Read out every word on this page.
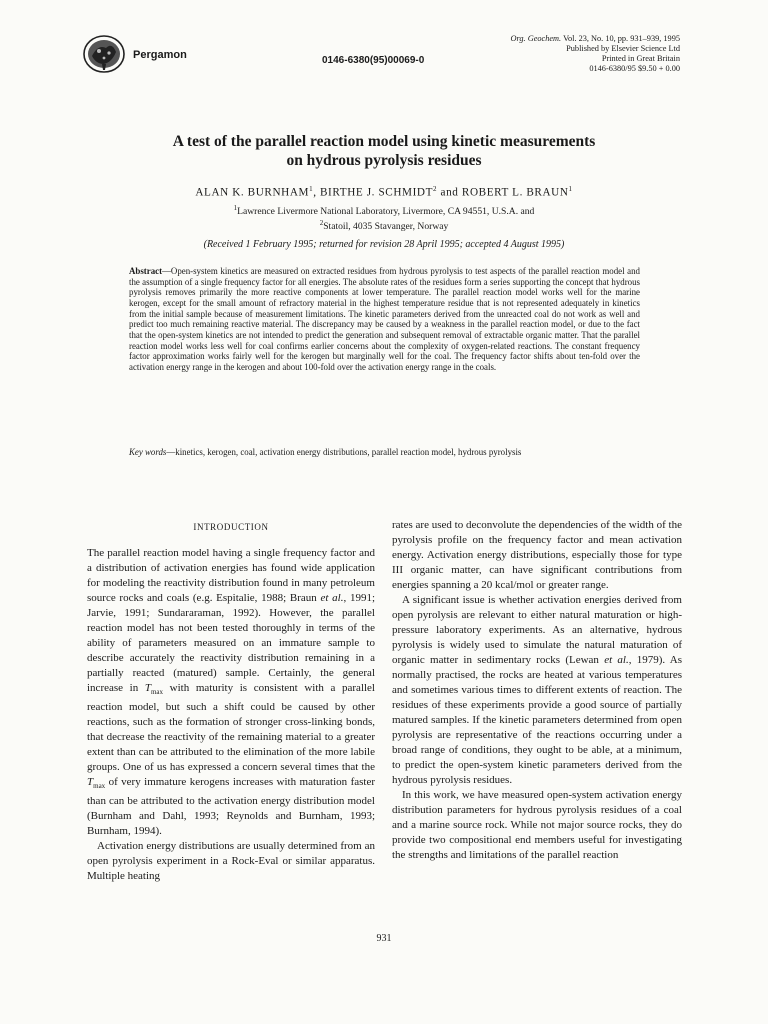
Pergamon	0146-6380(95)00069-0
Org. Geochem. Vol. 23, No. 10, pp. 931–939, 1995
Published by Elsevier Science Ltd
Printed in Great Britain
0146-6380/95 $9.50 + 0.00
A test of the parallel reaction model using kinetic measurements
on hydrous pyrolysis residues
ALAN K. BURNHAM$^1$, BIRTHE J. SCHMIDT$^2$ and ROBERT L. BRAUN$^1$
$^1$Lawrence Livermore National Laboratory, Livermore, CA 94551, U.S.A. and
$^2$Statoil, 4035 Stavanger, Norway
(Received 1 February 1995; returned for revision 28 April 1995; accepted 4 August 1995)
Abstract—Open-system kinetics are measured on extracted residues from hydrous pyrolysis to test aspects of the parallel reaction model and the assumption of a single frequency factor for all energies. The absolute rates of the residues form a series supporting the concept that hydrous pyrolysis removes primarily the more reactive components at lower temperature. The parallel reaction model works well for the marine kerogen, except for the small amount of refractory material in the highest temperature residue that is not represented adequately in kinetics from the initial sample because of measurement limitations. The kinetic parameters derived from the unreacted coal do not work as well and predict too much remaining reactive material. The discrepancy may be caused by a weakness in the parallel reaction model, or due to the fact that the open-system kinetics are not intended to predict the generation and subsequent removal of extractable organic matter. That the parallel reaction model works less well for coal confirms earlier concerns about the complexity of oxygen-related reactions. The constant frequency factor approximation works fairly well for the kerogen but marginally well for the coal. The frequency factor shifts about ten-fold over the activation energy range in the kerogen and about 100-fold over the activation energy range in the coals.
Key words—kinetics, kerogen, coal, activation energy distributions, parallel reaction model, hydrous pyrolysis
INTRODUCTION

The parallel reaction model having a single frequency factor and a distribution of activation energies has found wide application for modeling the reactivity distribution found in many petroleum source rocks and coals (e.g. Espitalie, 1988; Braun et al., 1991; Jarvie, 1991; Sundararaman, 1992). However, the parallel reaction model has not been tested thoroughly in terms of the ability of parameters measured on an immature sample to describe accurately the reactivity distribution remaining in a partially reacted (matured) sample. Certainly, the general increase in $T_{max}$ with maturity is consistent with a parallel reaction model, but such a shift could be caused by other reactions, such as the formation of stronger cross-linking bonds, that decrease the reactivity of the remaining material to a greater extent than can be attributed to the elimination of the more labile groups. One of us has expressed a concern several times that the $T_{max}$ of very immature kerogens increases with maturation faster than can be attributed to the activation energy distribution model (Burnham and Dahl, 1993; Reynolds and Burnham, 1993; Burnham, 1994).

Activation energy distributions are usually determined from an open pyrolysis experiment in a Rock-Eval or similar apparatus. Multiple heating

rates are used to deconvolute the dependencies of the width of the pyrolysis profile on the frequency factor and mean activation energy. Activation energy distributions, especially those for type III organic matter, can have significant contributions from energies spanning a 20 kcal/mol or greater range.

A significant issue is whether activation energies derived from open pyrolysis are relevant to either natural maturation or high-pressure laboratory experiments. As an alternative, hydrous pyrolysis is widely used to simulate the natural maturation of organic matter in sedimentary rocks (Lewan et al., 1979). As normally practised, the rocks are heated at various temperatures and sometimes various times to different extents of reaction. The residues of these experiments provide a good source of partially matured samples. If the kinetic parameters determined from open pyrolysis are representative of the reactions occurring under a broad range of conditions, they ought to be able, at a minimum, to predict the open-system kinetic parameters derived from the hydrous pyrolysis residues.

In this work, we have measured open-system activation energy distribution parameters for hydrous pyrolysis residues of a coal and a marine source rock. While not major source rocks, they do provide two compositional end members useful for investigating the strengths and limitations of the parallel reaction

931
